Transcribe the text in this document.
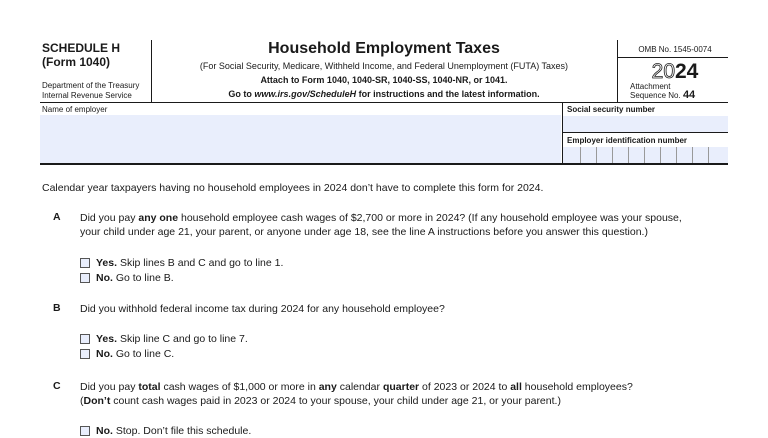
SCHEDULE H
(Form 1040)
Department of the Treasury
Internal Revenue Service
Household Employment Taxes
(For Social Security, Medicare, Withheld Income, and Federal Unemployment (FUTA) Taxes)
Attach to Form 1040, 1040-SR, 1040-SS, 1040-NR, or 1041.
Go to www.irs.gov/ScheduleH for instructions and the latest information.
OMB No. 1545-0074
2024
Attachment
Sequence No. 44
Name of employer	Social security number
Employer identification number
Calendar year taxpayers having no household employees in 2024 don’t have to complete this form for 2024.
A Did you pay any one household employee cash wages of $2,700 or more in 2024? (If any household employee was your spouse,
your child under age 21, your parent, or anyone under age 18, see the line A instructions before you answer this question.)
Yes. Skip lines B and C and go to line 1.
No. Go to line B.
B Did you withhold federal income tax during 2024 for any household employee?
Yes. Skip line C and go to line 7.
No. Go to line C.
C Did you pay total cash wages of $1,000 or more in any calendar quarter of 2023 or 2024 to all household employees?
(Don’t count cash wages paid in 2023 or 2024 to your spouse, your child under age 21, or your parent.)
No. Stop. Don’t file this schedule.
